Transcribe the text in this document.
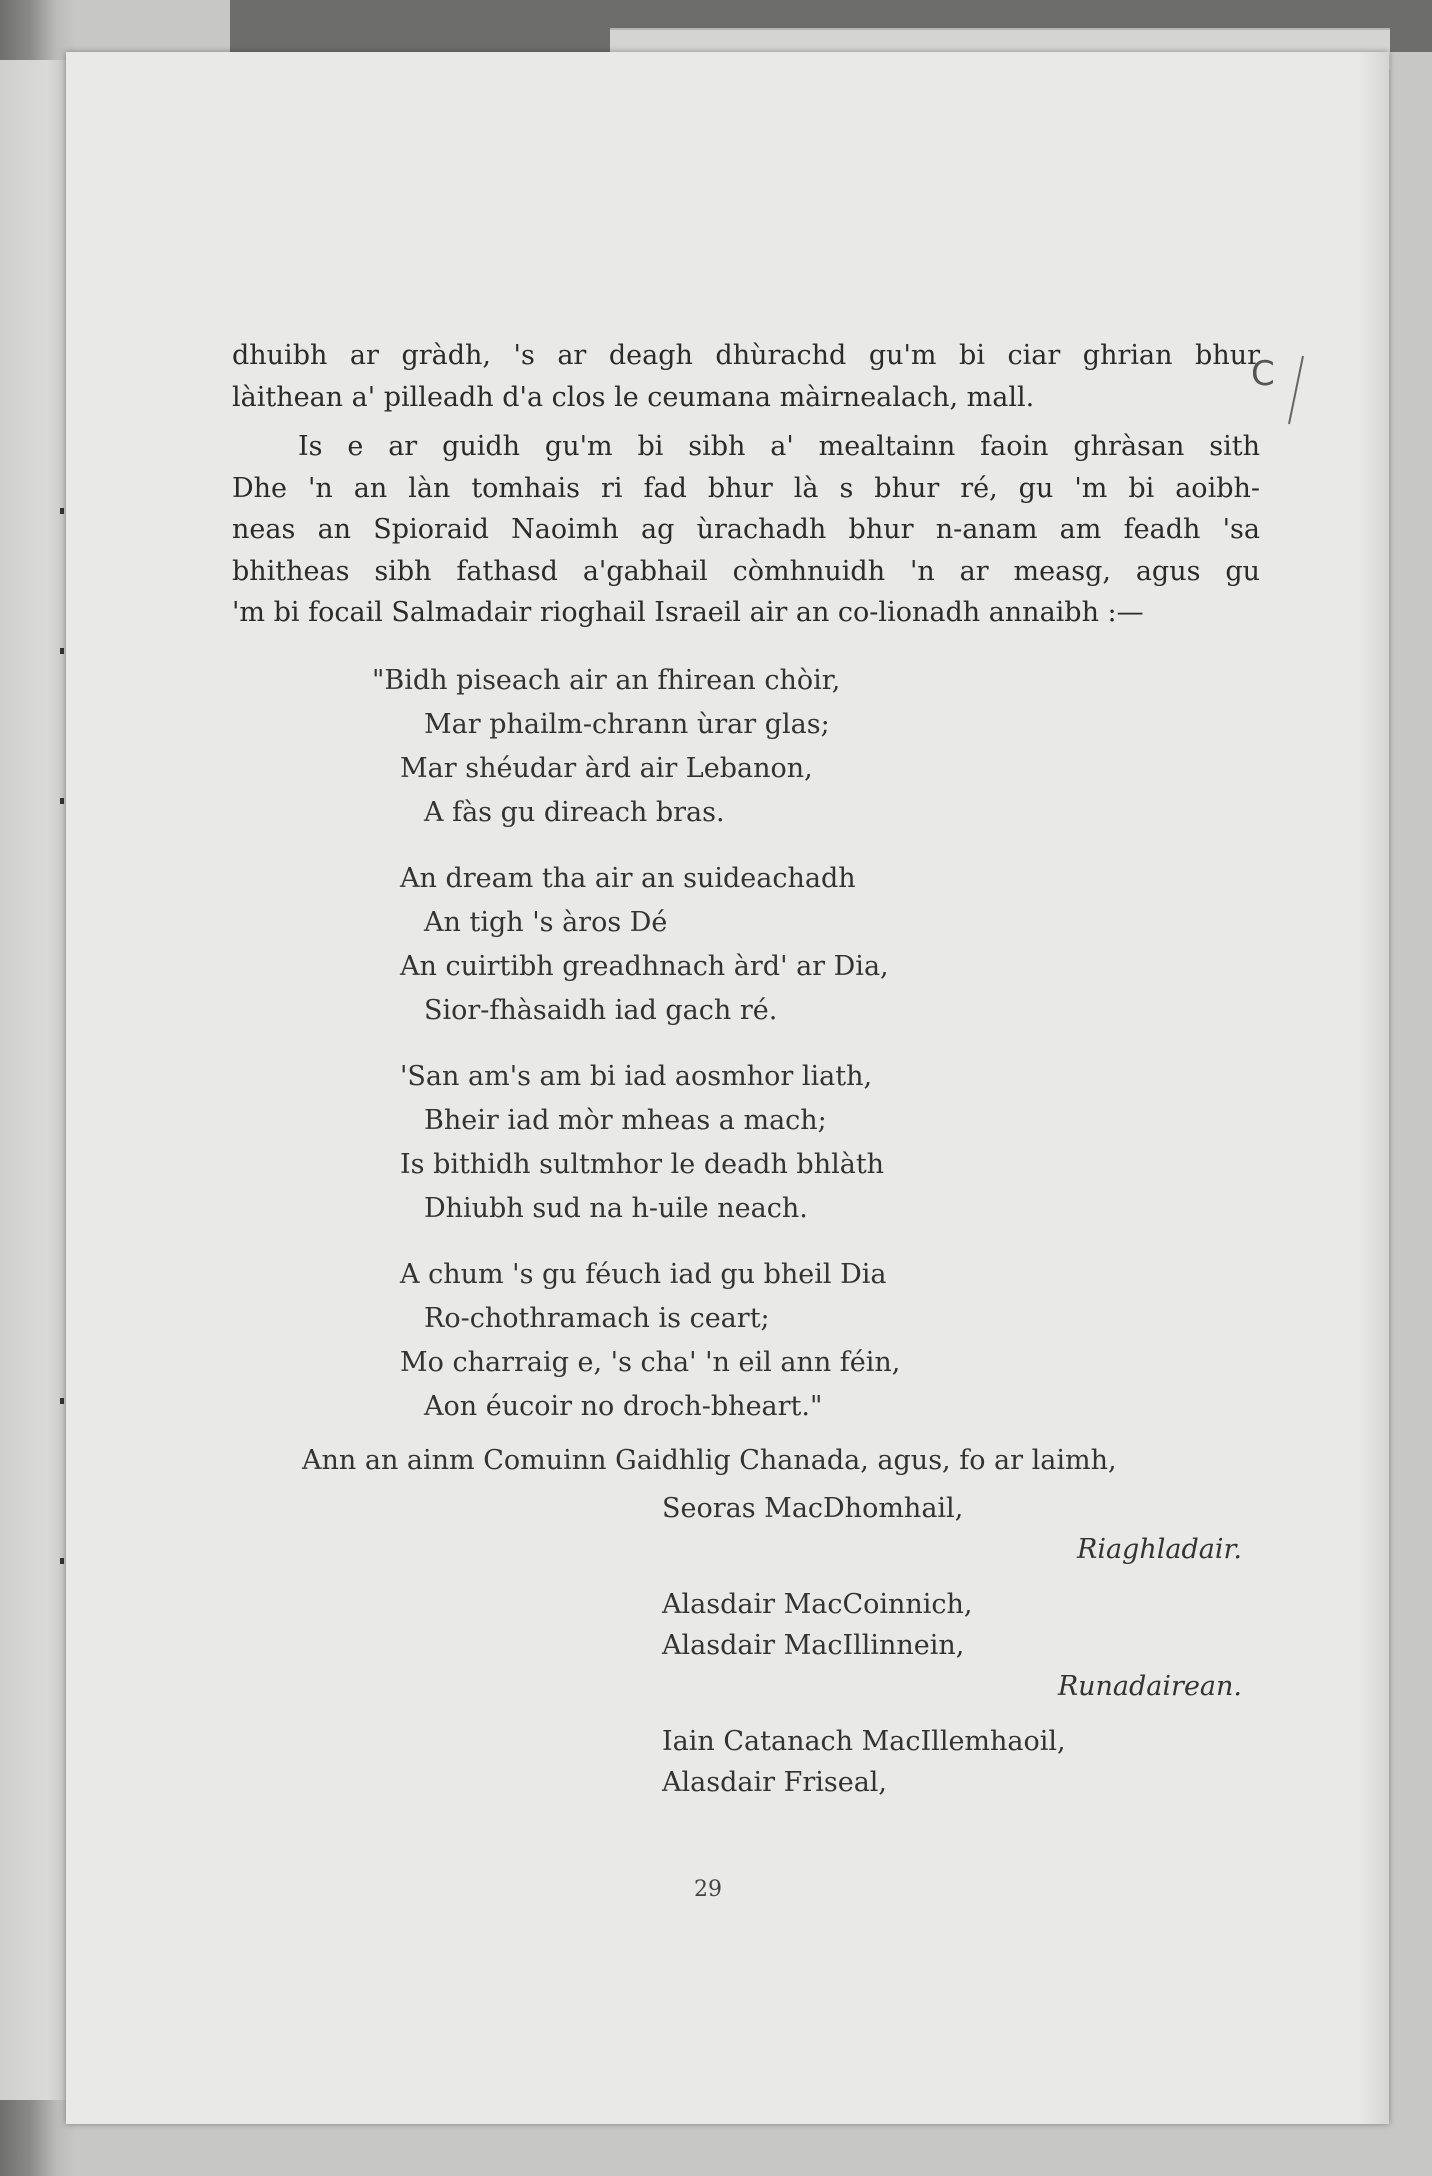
C
dhuibh ar gràdh, 's ar deagh dhùrachd gu'm bi ciar ghrian bhur
làithean a' pilleadh d'a clos le ceumana màirnealach, mall.
Is e ar guidh gu'm bi sibh a' mealtainn faoin ghràsan sith
Dhe 'n an làn tomhais ri fad bhur là s bhur ré, gu 'm bi aoibh-
neas an Spioraid Naoimh ag ùrachadh bhur n-anam am feadh 'sa
bhitheas sibh fathasd a'gabhail còmhnuidh 'n ar measg, agus gu
'm bi focail Salmadair rioghail Israeil air an co-lionadh annaibh :—
"Bidh piseach air an fhirean chòir,
Mar phailm-chrann ùrar glas;
Mar shéudar àrd air Lebanon,
A fàs gu direach bras.
An dream tha air an suideachadh
An tigh 's àros Dé
An cuirtibh greadhnach àrd' ar Dia,
Sior-fhàsaidh iad gach ré.
'San am's am bi iad aosmhor liath,
Bheir iad mòr mheas a mach;
Is bithidh sultmhor le deadh bhlàth
Dhiubh sud na h-uile neach.
A chum 's gu féuch iad gu bheil Dia
Ro-chothramach is ceart;
Mo charraig e, 's cha' 'n eil ann féin,
Aon éucoir no droch-bheart."
Ann an ainm Comuinn Gaidhlig Chanada, agus, fo ar laimh,
Seoras MacDhomhail,
Riaghladair.
Alasdair MacCoinnich,
Alasdair MacIllinnein,
Runadairean.
Iain Catanach MacIllemhaoil,
Alasdair Friseal,
29
